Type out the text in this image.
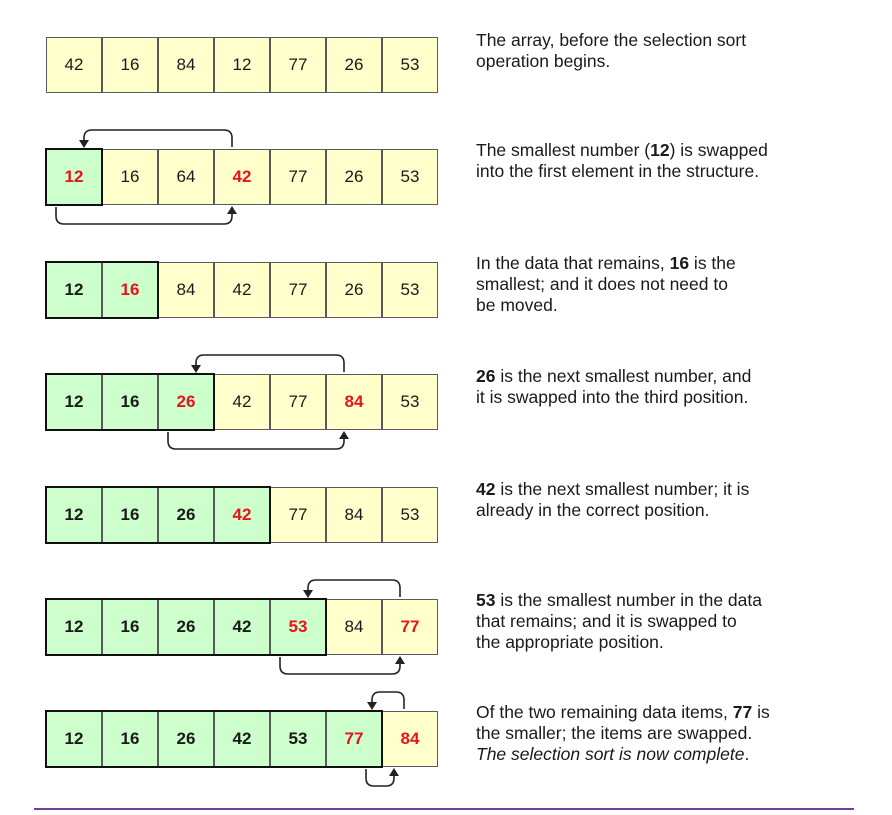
42	16	84	12	77	26	53
The array, before the selection sort
operation begins.
12	16	64	42	77	26	53
The smallest number (12) is swapped
into the first element in the structure.
12	16	84	42	77	26	53
In the data that remains, 16 is the
smallest; and it does not need to
be moved.
12	16	26	42	77	84	53
26 is the next smallest number, and
it is swapped into the third position.
12	16	26	42	77	84	53
42 is the next smallest number; it is
already in the correct position.
12	16	26	42	53	84	77
53 is the smallest number in the data
that remains; and it is swapped to
the appropriate position.
12	16	26	42	53	77	84
Of the two remaining data items, 77 is
the smaller; the items are swapped.
The selection sort is now complete.
